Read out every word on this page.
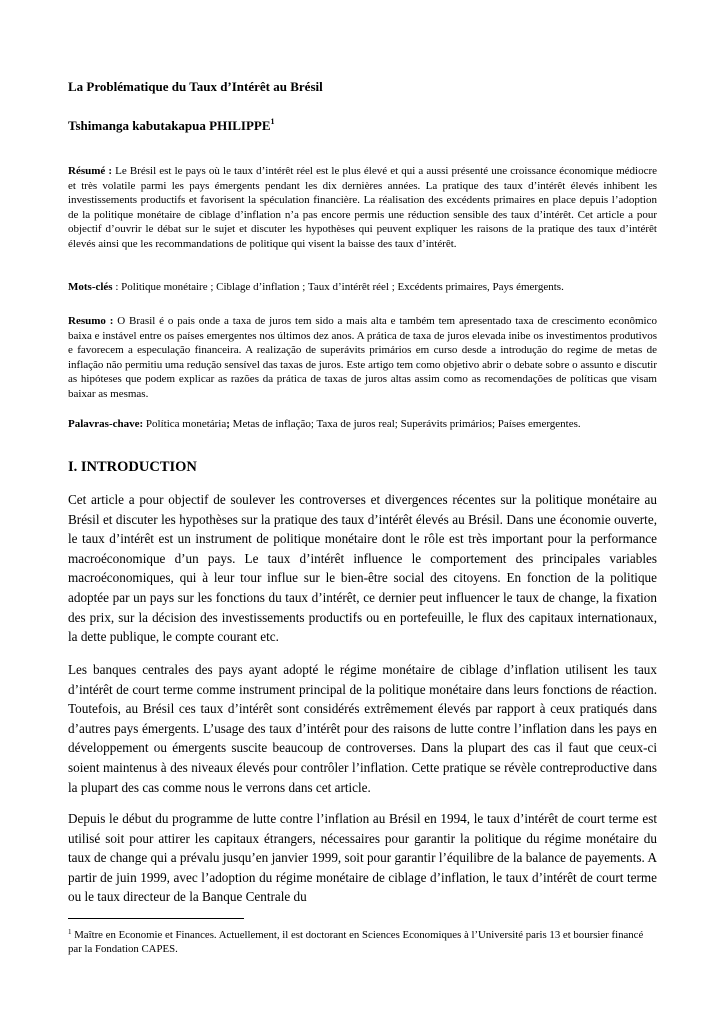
La Problématique du Taux d’Intérêt au Brésil
Tshimanga kabutakapua PHILIPPE$^1$

Résumé : Le Brésil est le pays où le taux d’intérêt réel est le plus élevé et qui a aussi présenté une croissance économique médiocre et très volatile parmi les pays émergents pendant les dix dernières années. La pratique des taux d’intérêt élevés inhibent les investissements productifs et favorisent la spéculation financière. La réalisation des excédents primaires en place depuis l’adoption de la politique monétaire de ciblage d’inflation n’a pas encore permis une réduction sensible des taux d’intérêt. Cet article a pour objectif d’ouvrir le débat sur le sujet et discuter les hypothèses qui peuvent expliquer les raisons de la pratique des taux d’intérêt élevés ainsi que les recommandations de politique qui visent la baisse des taux d’intérêt.

Mots-clés : Politique monétaire ; Ciblage d’inflation ; Taux d’intérêt réel ; Excédents primaires, Pays émergents.

Resumo : O Brasil é o pais onde a taxa de juros tem sido a mais alta e também tem apresentado taxa de crescimento econômico baixa e instável entre os países emergentes nos últimos dez anos. A prática de taxa de juros elevada inibe os investimentos produtivos e favorecem a especulação financeira. A realização de superávits primários em curso desde a introdução do regime de metas de inflação não permitiu uma redução sensível das taxas de juros. Este artigo tem como objetivo abrir o debate sobre o assunto e discutir as hipóteses que podem explicar as razões da prática de taxas de juros altas assim como as recomendações de políticas que visam baixar as mesmas.

Palavras-chave: Política monetária; Metas de inflação; Taxa de juros real; Superávits primários; Países emergentes.

I. INTRODUCTION

Cet article a pour objectif de soulever les controverses et divergences récentes sur la politique monétaire au Brésil et discuter les hypothèses sur la pratique des taux d’intérêt élevés au Brésil. Dans une économie ouverte, le taux d’intérêt est un instrument de politique monétaire dont le rôle est très important pour la performance macroéconomique d’un pays. Le taux d’intérêt influence le comportement des principales variables macroéconomiques, qui à leur tour influe sur le bien-être social des citoyens. En fonction de la politique adoptée par un pays sur les fonctions du taux d’intérêt, ce dernier peut influencer le taux de change, la fixation des prix, sur la décision des investissements productifs ou en portefeuille, le flux des capitaux internationaux, la dette publique, le compte courant etc.

Les banques centrales des pays ayant adopté le régime monétaire de ciblage d’inflation utilisent les taux d’intérêt de court terme comme instrument principal de la politique monétaire dans leurs fonctions de réaction. Toutefois, au Brésil ces taux d’intérêt sont considérés extrêmement élevés par rapport à ceux pratiqués dans d’autres pays émergents. L’usage des taux d’intérêt pour des raisons de lutte contre l’inflation dans les pays en développement ou émergents suscite beaucoup de controverses. Dans la plupart des cas il faut que ceux-ci soient maintenus à des niveaux élevés pour contrôler l’inflation. Cette pratique se révèle contreproductive dans la plupart des cas comme nous le verrons dans cet article.

Depuis le début du programme de lutte contre l’inflation au Brésil en 1994, le taux d’intérêt de court terme est utilisé soit pour attirer les capitaux étrangers, nécessaires pour garantir la politique du régime monétaire du taux de change qui a prévalu jusqu’en janvier 1999, soit pour garantir l’équilibre de la balance de payements. A partir de juin 1999, avec l’adoption du régime monétaire de ciblage d’inflation, le taux d’intérêt de court terme ou le taux directeur de la Banque Centrale du

$^1$ Maître en Economie et Finances. Actuellement, il est doctorant en Sciences Economiques à l’Université paris 13 et boursier financé par la Fondation CAPES.
